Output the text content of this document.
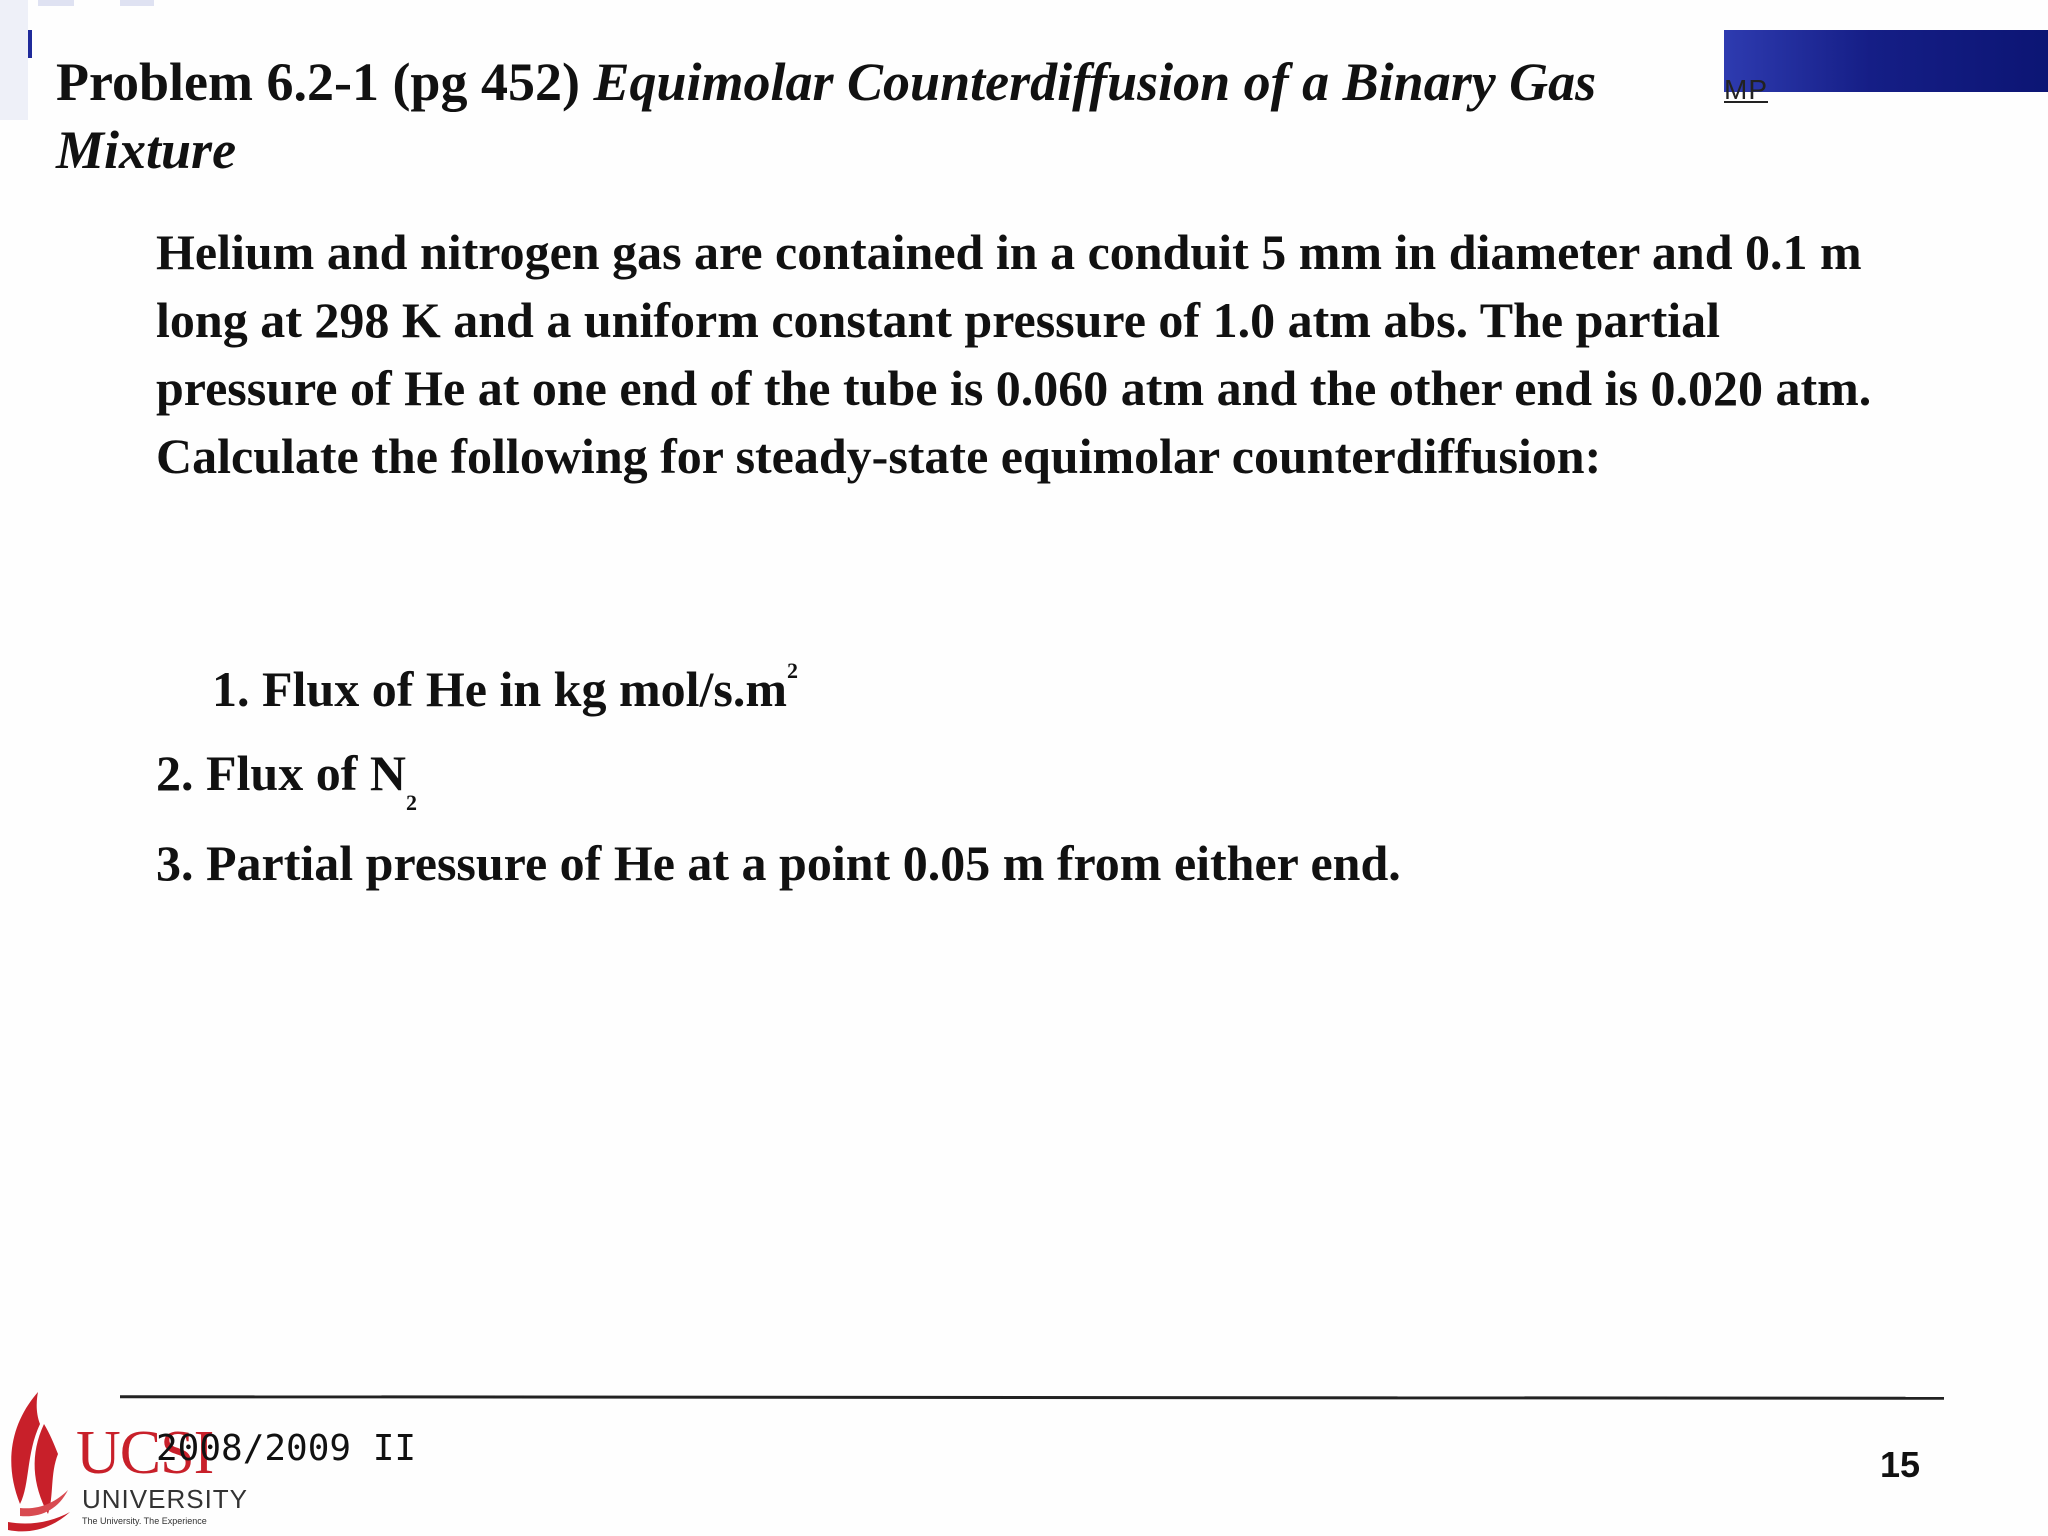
MP
Problem 6.2-1 (pg 452) Equimolar Counterdiffusion of a Binary Gas Mixture
Helium and nitrogen gas are contained in a conduit 5 mm in diameter and 0.1 m long at 298 K and a uniform constant pressure of 1.0 atm abs. The partial pressure of He at one end of the tube is 0.060 atm and the other end is 0.020 atm. Calculate the following for steady-state equimolar counterdiffusion:
1. Flux of He in kg mol/$s.m^2$
2. Flux of $N_2$
3. Partial pressure of He at a point 0.05 m from either end.
UCSI
UNIVERSITY
The University. The Experience
2008/2009 II	15
